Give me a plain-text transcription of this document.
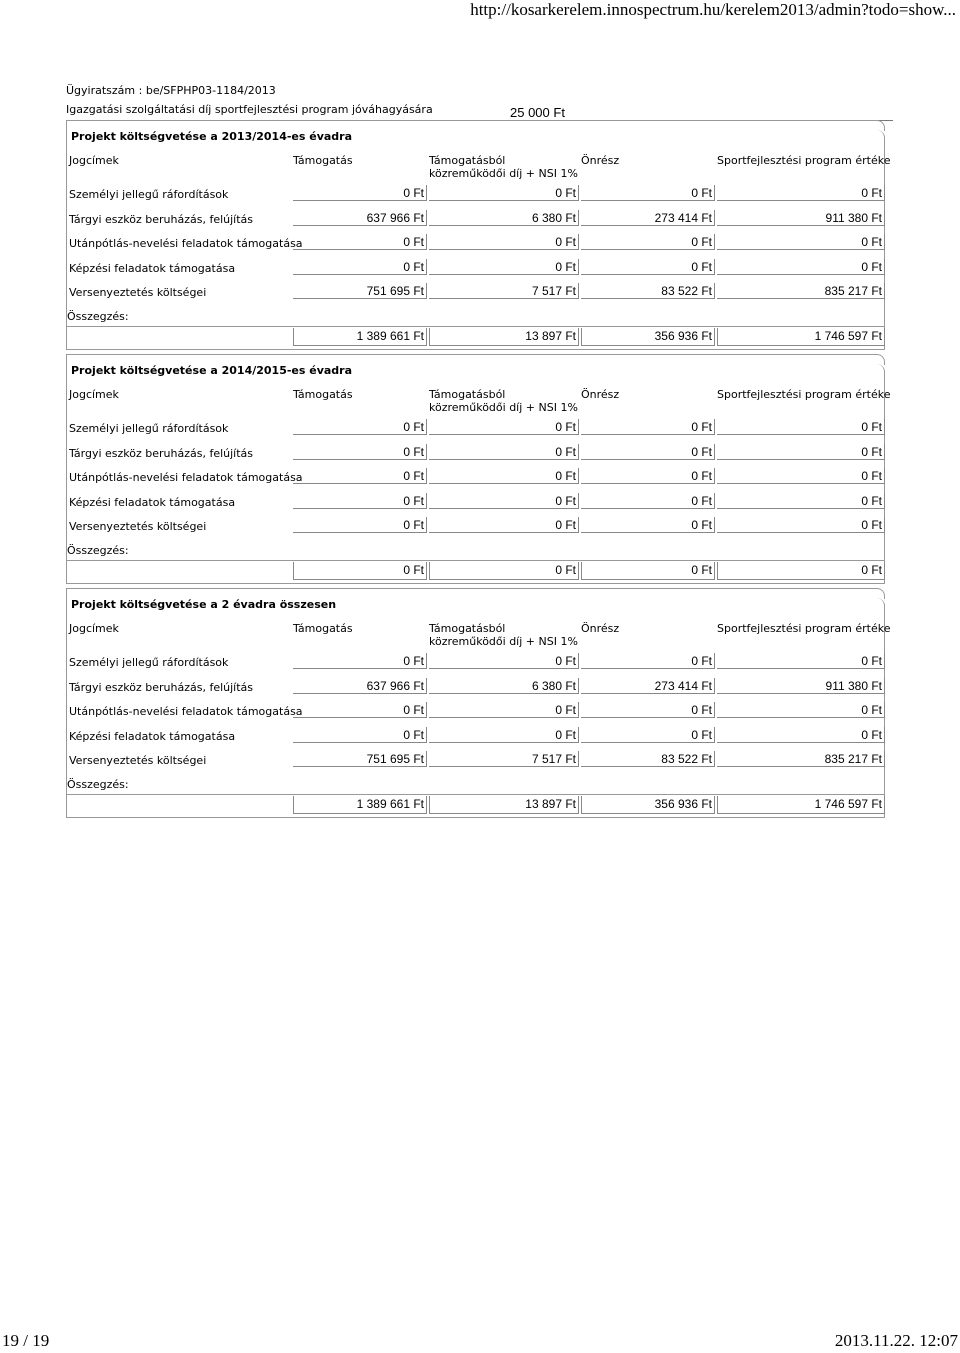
http://kosarkerelem.innospectrum.hu/kerelem2013/admin?todo=show...
Ügyiratszám : be/SFPHP03-1184/2013
Igazgatási szolgáltatási díj sportfejlesztési program jóváhagyására	25 000 Ft
Projekt költségvetése a 2013/2014-es évadra
Jogcímek	Támogatás	Támogatásból
közreműködői díj + NSI 1%
Önrész	Sportfejlesztési program értéke
Személyi jellegű ráfordítások	0 Ft	0 Ft	0 Ft	0 Ft
Tárgyi eszköz beruházás, felújítás	637 966 Ft	6 380 Ft	273 414 Ft	911 380 Ft
Utánpótlás-nevelési feladatok támogatása	0 Ft	0 Ft	0 Ft	0 Ft
Képzési feladatok támogatása	0 Ft	0 Ft	0 Ft	0 Ft
Versenyeztetés költségei	751 695 Ft	7 517 Ft	83 522 Ft	835 217 Ft
Összegzés:
1 389 661 Ft	13 897 Ft	356 936 Ft	1 746 597 Ft
Projekt költségvetése a 2014/2015-es évadra
Jogcímek	Támogatás	Támogatásból
közreműködői díj + NSI 1%
Önrész	Sportfejlesztési program értéke
Személyi jellegű ráfordítások	0 Ft	0 Ft	0 Ft	0 Ft
Tárgyi eszköz beruházás, felújítás	0 Ft	0 Ft	0 Ft	0 Ft
Utánpótlás-nevelési feladatok támogatása	0 Ft	0 Ft	0 Ft	0 Ft
Képzési feladatok támogatása	0 Ft	0 Ft	0 Ft	0 Ft
Versenyeztetés költségei	0 Ft	0 Ft	0 Ft	0 Ft
Összegzés:
0 Ft	0 Ft	0 Ft	0 Ft
Projekt költségvetése a 2 évadra összesen
Jogcímek	Támogatás	Támogatásból
közreműködői díj + NSI 1%
Önrész	Sportfejlesztési program értéke
Személyi jellegű ráfordítások	0 Ft	0 Ft	0 Ft	0 Ft
Tárgyi eszköz beruházás, felújítás	637 966 Ft	6 380 Ft	273 414 Ft	911 380 Ft
Utánpótlás-nevelési feladatok támogatása	0 Ft	0 Ft	0 Ft	0 Ft
Képzési feladatok támogatása	0 Ft	0 Ft	0 Ft	0 Ft
Versenyeztetés költségei	751 695 Ft	7 517 Ft	83 522 Ft	835 217 Ft
Összegzés:
1 389 661 Ft	13 897 Ft	356 936 Ft	1 746 597 Ft
19 / 19	2013.11.22. 12:07
